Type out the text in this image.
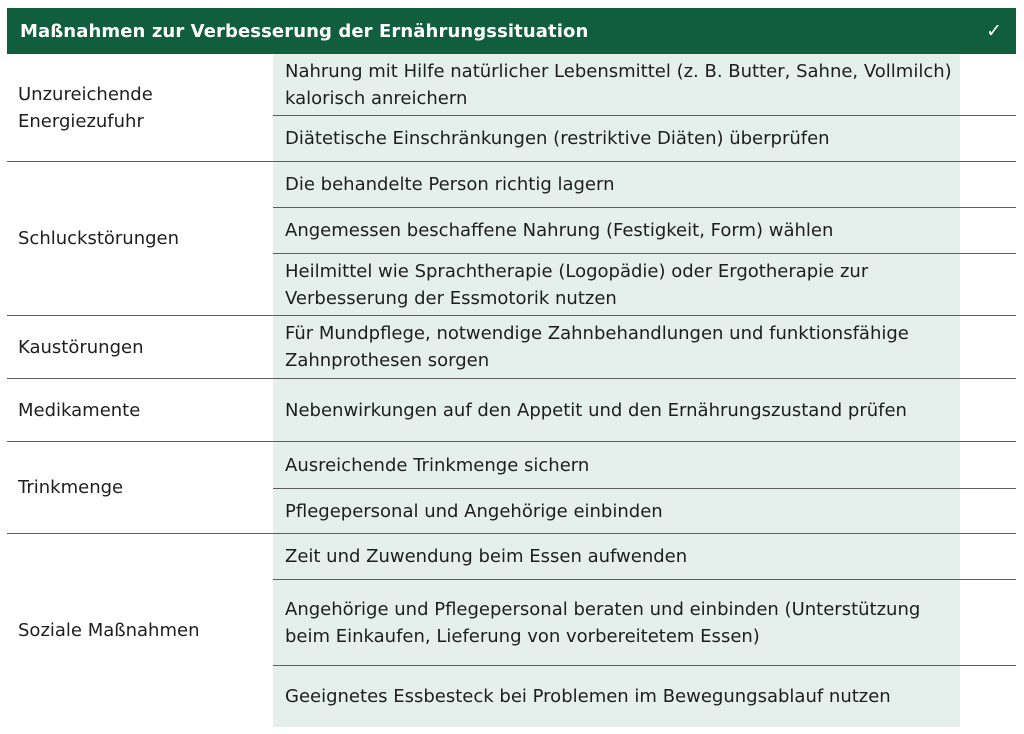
Maßnahmen zur Verbesserung der Ernährungssituation	✓
Unzureichende Energiezufuhr
Nahrung mit Hilfe natürlicher Lebensmittel (z. B. Butter, Sahne, Vollmilch) kalorisch anreichern
Diätetische Einschränkungen (restriktive Diäten) überprüfen
Schluckstörungen
Die behandelte Person richtig lagern
Angemessen beschaffene Nahrung (Festigkeit, Form) wählen
Heilmittel wie Sprachtherapie (Logopädie) oder Ergotherapie zur Verbesserung der Essmotorik nutzen
Kaustörungen
Für Mundpflege, notwendige Zahnbehandlungen und funktionsfähige Zahnprothesen sorgen
Medikamente	Nebenwirkungen auf den Appetit und den Ernährungszustand prüfen
Trinkmenge
Ausreichende Trinkmenge sichern
Pflegepersonal und Angehörige einbinden
Soziale Maßnahmen
Zeit und Zuwendung beim Essen aufwenden
Angehörige und Pflegepersonal beraten und einbinden (Unterstützung beim Einkaufen, Lieferung von vorbereitetem Essen)
Geeignetes Essbesteck bei Problemen im Bewegungsablauf nutzen
